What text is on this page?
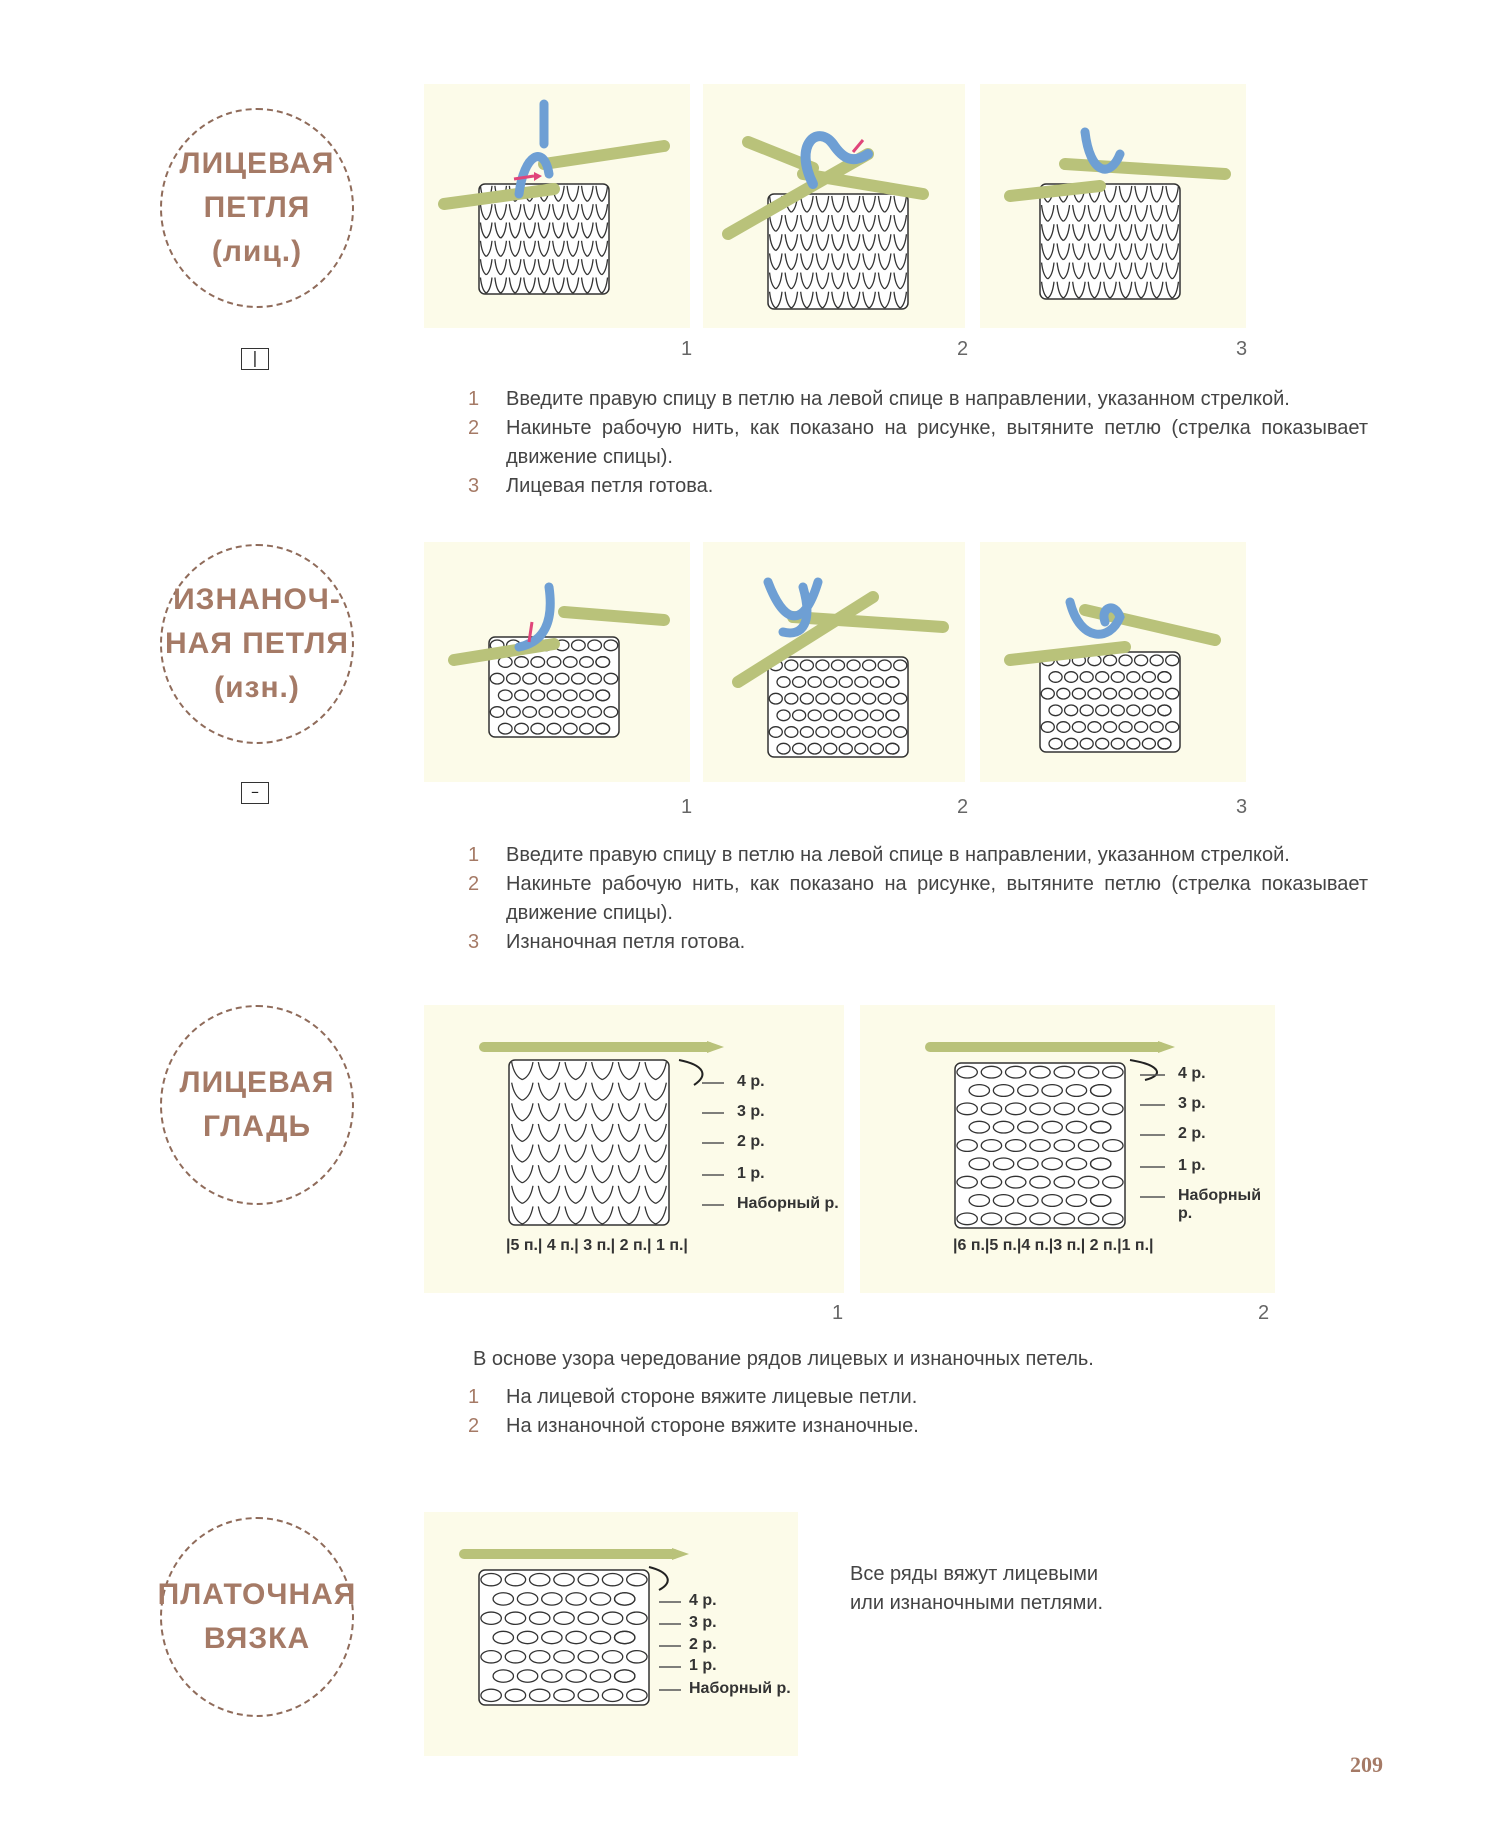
ЛИЦЕВАЯ
ПЕТЛЯ
(лиц.)
|	1	2	3
1	Введите правую спицу в петлю на левой спице в направлении, указанном стрелкой.
2	Накиньте рабочую нить, как показано на рисунке, вытяните петлю (стрелка показывает движение спицы).
3	Лицевая петля готова.
ИЗНАНОЧ-
НАЯ ПЕТЛЯ
(изн.)
–
1	2	3
1	Введите правую спицу в петлю на левой спице в направлении, указанном стрелкой.
2	Накиньте рабочую нить, как показано на рисунке, вытяните петлю (стрелка показывает движение спицы).
3	Изнаночная петля готова.
ЛИЦЕВАЯ
ГЛАДЬ
4 р.
3 р.
2 р.
1 р.
Наборный р.
|5 п.| 4 п.| 3 п.| 2 п.| 1 п.|
4 р.
3 р.
2 р.
1 р.
Наборный р.
|6 п.|5 п.|4 п.|3 п.| 2 п.|1 п.|
1	2
В основе узора чередование рядов лицевых и изнаночных петель.
1	На лицевой стороне вяжите лицевые петли.
2	На изнаночной стороне вяжите изнаночные.
ПЛАТОЧНАЯ
ВЯЗКА
4 р.
3 р.
2 р.
1 р.
Наборный р.
Все ряды вяжут лицевыми
или изнаночными петлями.
209
